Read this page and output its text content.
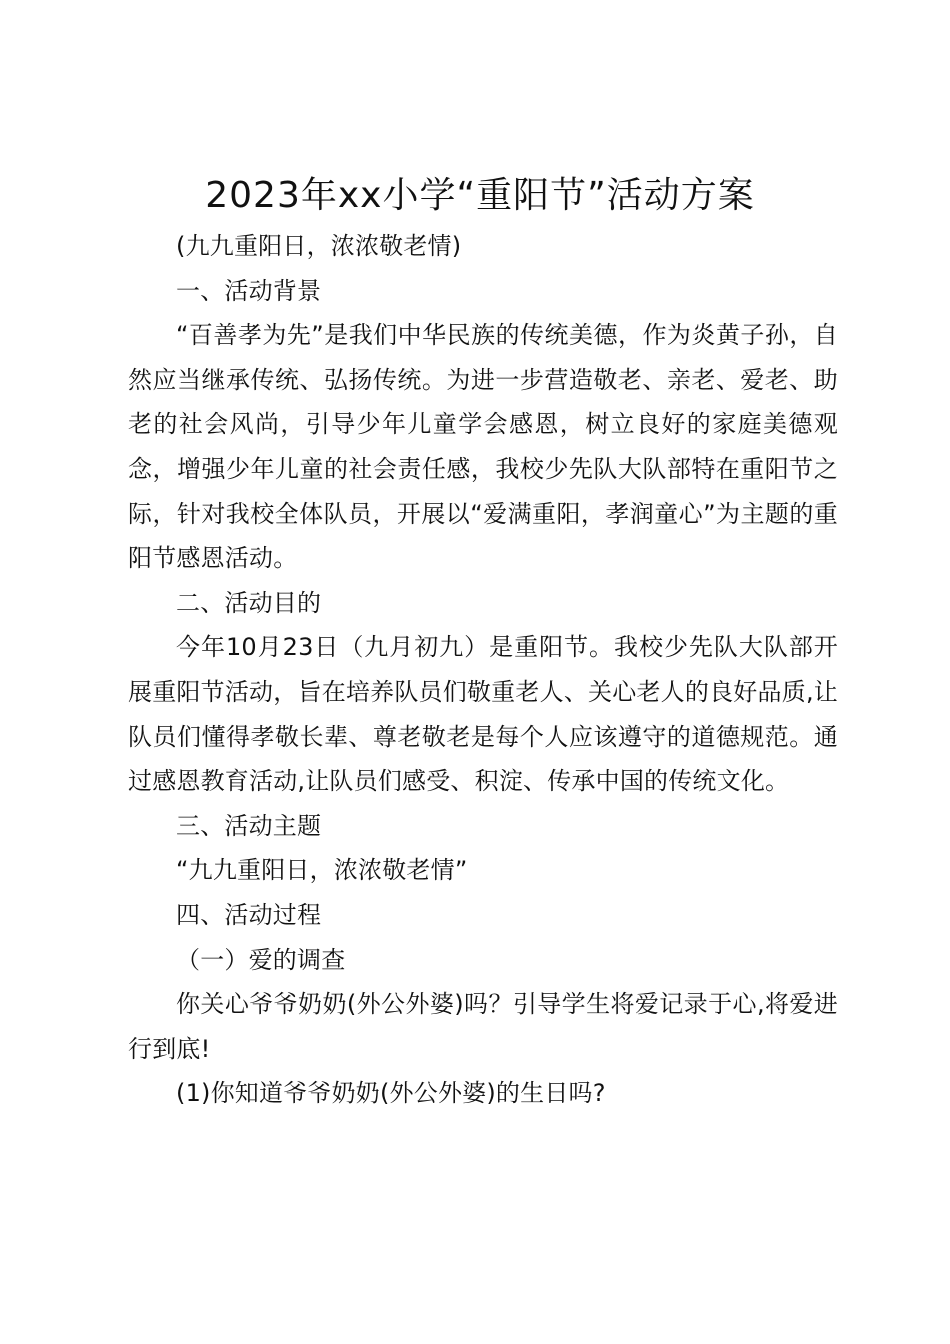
2023年xx小学“重阳节”活动方案

(九九重阳日，浓浓敬老情)

一、活动背景

“百善孝为先”是我们中华民族的传统美德，作为炎黄子孙，自然应当继承传统、弘扬传统。为进一步营造敬老、亲老、爱老、助老的社会风尚，引导少年儿童学会感恩，树立良好的家庭美德观念，增强少年儿童的社会责任感，我校少先队大队部特在重阳节之际，针对我校全体队员，开展以“爱满重阳，孝润童心”为主题的重阳节感恩活动。

二、活动目的

今年10月23日（九月初九）是重阳节。我校少先队大队部开展重阳节活动，旨在培养队员们敬重老人、关心老人的良好品质,让队员们懂得孝敬长辈、尊老敬老是每个人应该遵守的道德规范。通过感恩教育活动,让队员们感受、积淀、传承中国的传统文化。

三、活动主题

“九九重阳日，浓浓敬老情”

四、活动过程

（一）爱的调查

你关心爷爷奶奶(外公外婆)吗？引导学生将爱记录于心,将爱进行到底!

(1)你知道爷爷奶奶(外公外婆)的生日吗?
